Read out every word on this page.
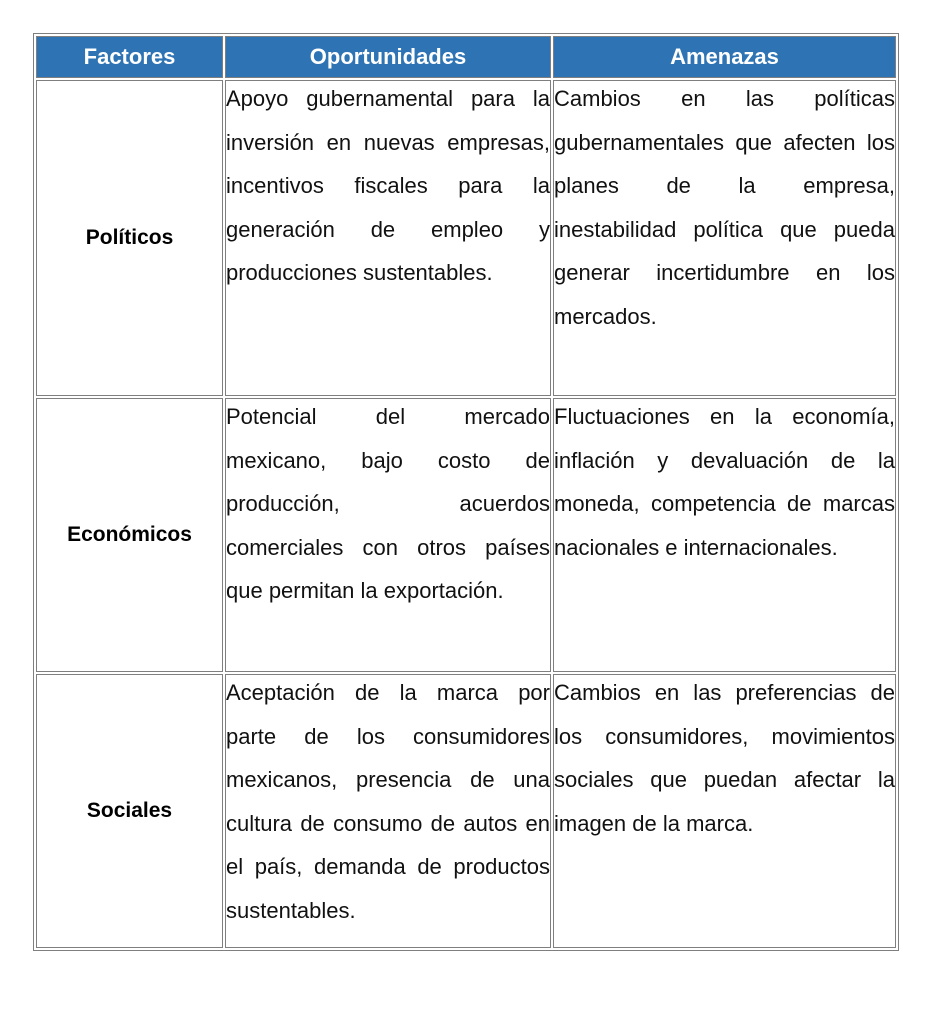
Factores	Oportunidades	Amenazas
Políticos	Apoyo gubernamental para la inversión en nuevas empresas, incentivos fiscales para la generación de empleo y producciones sustentables.	Cambios en las políticas gubernamentales que afecten los planes de la empresa, inestabilidad política que pueda generar incertidumbre en los mercados.

Económicos	Potencial del mercado mexicano, bajo costo de producción, acuerdos comerciales con otros países que permitan la exportación.	Fluctuaciones en la economía, inflación y devaluación de la moneda, competencia de marcas nacionales e internacionales.

Sociales	Aceptación de la marca por parte de los consumidores mexicanos, presencia de una cultura de consumo de autos en el país, demanda de productos sustentables.	Cambios en las preferencias de los consumidores, movimientos sociales que puedan afectar la imagen de la marca.
